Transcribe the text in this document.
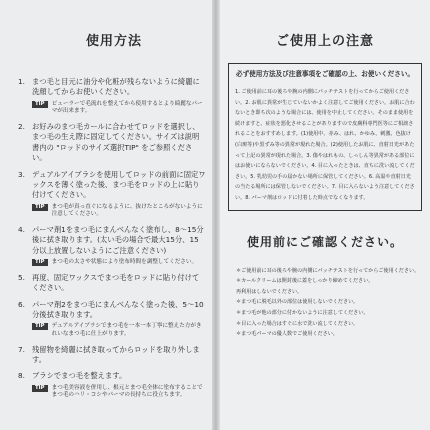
使用方法
1. まつ毛と目元に油分や化粧が残らないように綺麗に洗顔してからお使いください。
TIP	ビューラーで毛流れを整えてから使用するとより綺麗なパーマが出来ます。
2. お好みのまつ毛カールに合わせてロッドを選択し、まつ毛の生え際に固定してください。サイズは説明書内の "ロッドのサイズ選択TIP" をご参照ください。
3. デュアルアイブラシを使用してロッドの前面に固定ワックスを薄く塗った後、まつ毛をロッドの上に貼り付けてください。
TIP	まつ毛が真っ直ぐになるように、抜けたところがないように注意してください。
4. パーマ剤1をまつ毛にまんべんなく塗布し、8～15分後に拭き取ります。(太い毛の場合で最大15分、15分以上放置しないようにご注意ください)
TIP	まつ毛の太さや状態により塗布時間を調整してください。
5. 再度、固定ワックスでまつ毛をロッドに貼り付けてください。
6. パーマ剤2をまつ毛にまんべんなく塗った後、5～10分後拭き取ります。
TIP	デュアルアイブラシでまつ毛を一本一本丁寧に整えた方がきれいなまつ毛に仕上がります。
7. 残留物を綺麗に拭き取ってからロッドを取り外します。
8. ブラシでまつ毛を整えます。
TIP	まつ毛美容液を併用し、根元とまつ毛全体に塗布することでまつ毛のハリ・コシやパーマの長持ちに役立ちます。
ご使用上の注意
必ず使用方法及び注意事項をご確認の上、お使いください。
1. ご使用前に耳の後ろや腕の内側にパッチテストを行ってからご使用ください。2. お肌に異常が生じていないかよく注意してご使用ください。お肌に合わないとき即ち次のような場合には、使用を中止してください。そのまま使用を続けますと、症状を悪化させることがありますので皮膚科専門医等にご相談されることをおすすめします。(1)使用中、赤み、はれ、かゆみ、刺激、色抜け(白斑等)や黒ずみ等の異常が現れた場合。(2)使用したお肌に、直射日光があたって上記の異常が現れた場合。3. 傷やはれもの、しっしん等異常がある部位にはお使いにならないでください。4. 目に入ったときは、直ちに洗い流してください。5. 乳幼児の手の届かない場所に保管してください。6. 高温や直射日光の当たる場所には保管しないでください。7. 目に入らないよう注意してください。8. パーマ剤はロッドに付着した時点でなくなります。
使用前にご確認ください。
＊ご使用前に耳の後ろや腕の内側にパッチテストを行ってからご使用ください。
＊カールクリームは開封後に蓋をしっかり締めてください。
再利用はしないでください。
＊まつ毛に脱毛以外の部位は使用しないでください。
＊まつ毛が他の部分に付かないように注意してください。
＊目に入った場合はすぐに水で洗い流してください。
＊まつ毛パーマの優人数でご使用ください。
